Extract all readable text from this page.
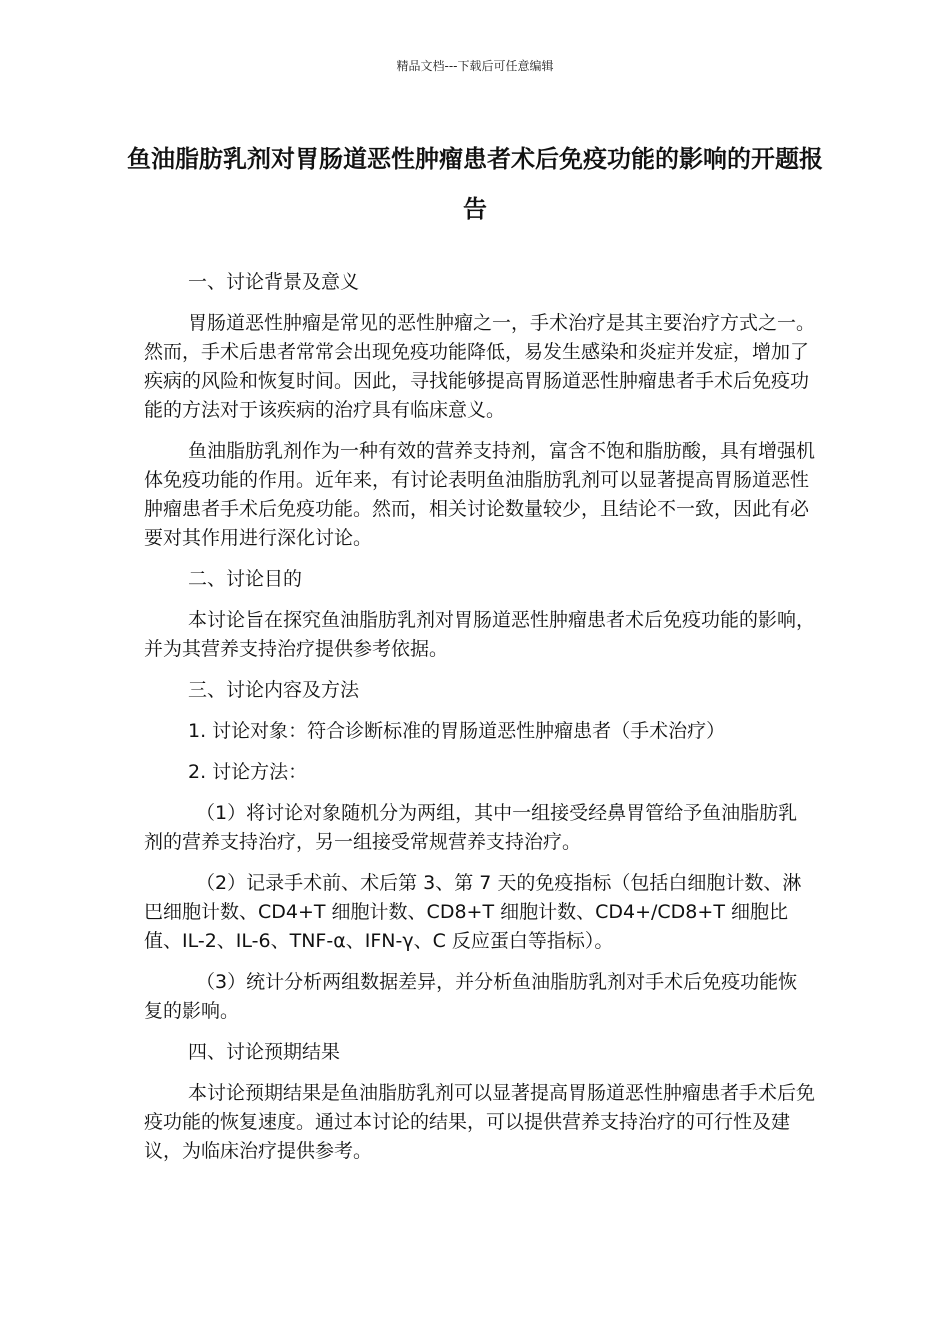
精品文档---下载后可任意编辑
鱼油脂肪乳剂对胃肠道恶性肿瘤患者术后免疫功能的影响的开题报告
一、讨论背景及意义
胃肠道恶性肿瘤是常见的恶性肿瘤之一，手术治疗是其主要治疗方式之一。然而，手术后患者常常会出现免疫功能降低，易发生感染和炎症并发症，增加了疾病的风险和恢复时间。因此，寻找能够提高胃肠道恶性肿瘤患者手术后免疫功能的方法对于该疾病的治疗具有临床意义。
鱼油脂肪乳剂作为一种有效的营养支持剂，富含不饱和脂肪酸，具有增强机体免疫功能的作用。近年来，有讨论表明鱼油脂肪乳剂可以显著提高胃肠道恶性肿瘤患者手术后免疫功能。然而，相关讨论数量较少，且结论不一致，因此有必要对其作用进行深化讨论。
二、讨论目的
本讨论旨在探究鱼油脂肪乳剂对胃肠道恶性肿瘤患者术后免疫功能的影响，并为其营养支持治疗提供参考依据。
三、讨论内容及方法
1. 讨论对象：符合诊断标准的胃肠道恶性肿瘤患者（手术治疗）
2. 讨论方法：
（1）将讨论对象随机分为两组，其中一组接受经鼻胃管给予鱼油脂肪乳剂的营养支持治疗，另一组接受常规营养支持治疗。
（2）记录手术前、术后第 3、第 7 天的免疫指标（包括白细胞计数、淋巴细胞计数、CD4+T 细胞计数、CD8+T 细胞计数、CD4+/CD8+T 细胞比值、IL-2、IL-6、TNF-α、IFN-γ、C 反应蛋白等指标）。
（3）统计分析两组数据差异，并分析鱼油脂肪乳剂对手术后免疫功能恢复的影响。
四、讨论预期结果
本讨论预期结果是鱼油脂肪乳剂可以显著提高胃肠道恶性肿瘤患者手术后免疫功能的恢复速度。通过本讨论的结果，可以提供营养支持治疗的可行性及建议，为临床治疗提供参考。
